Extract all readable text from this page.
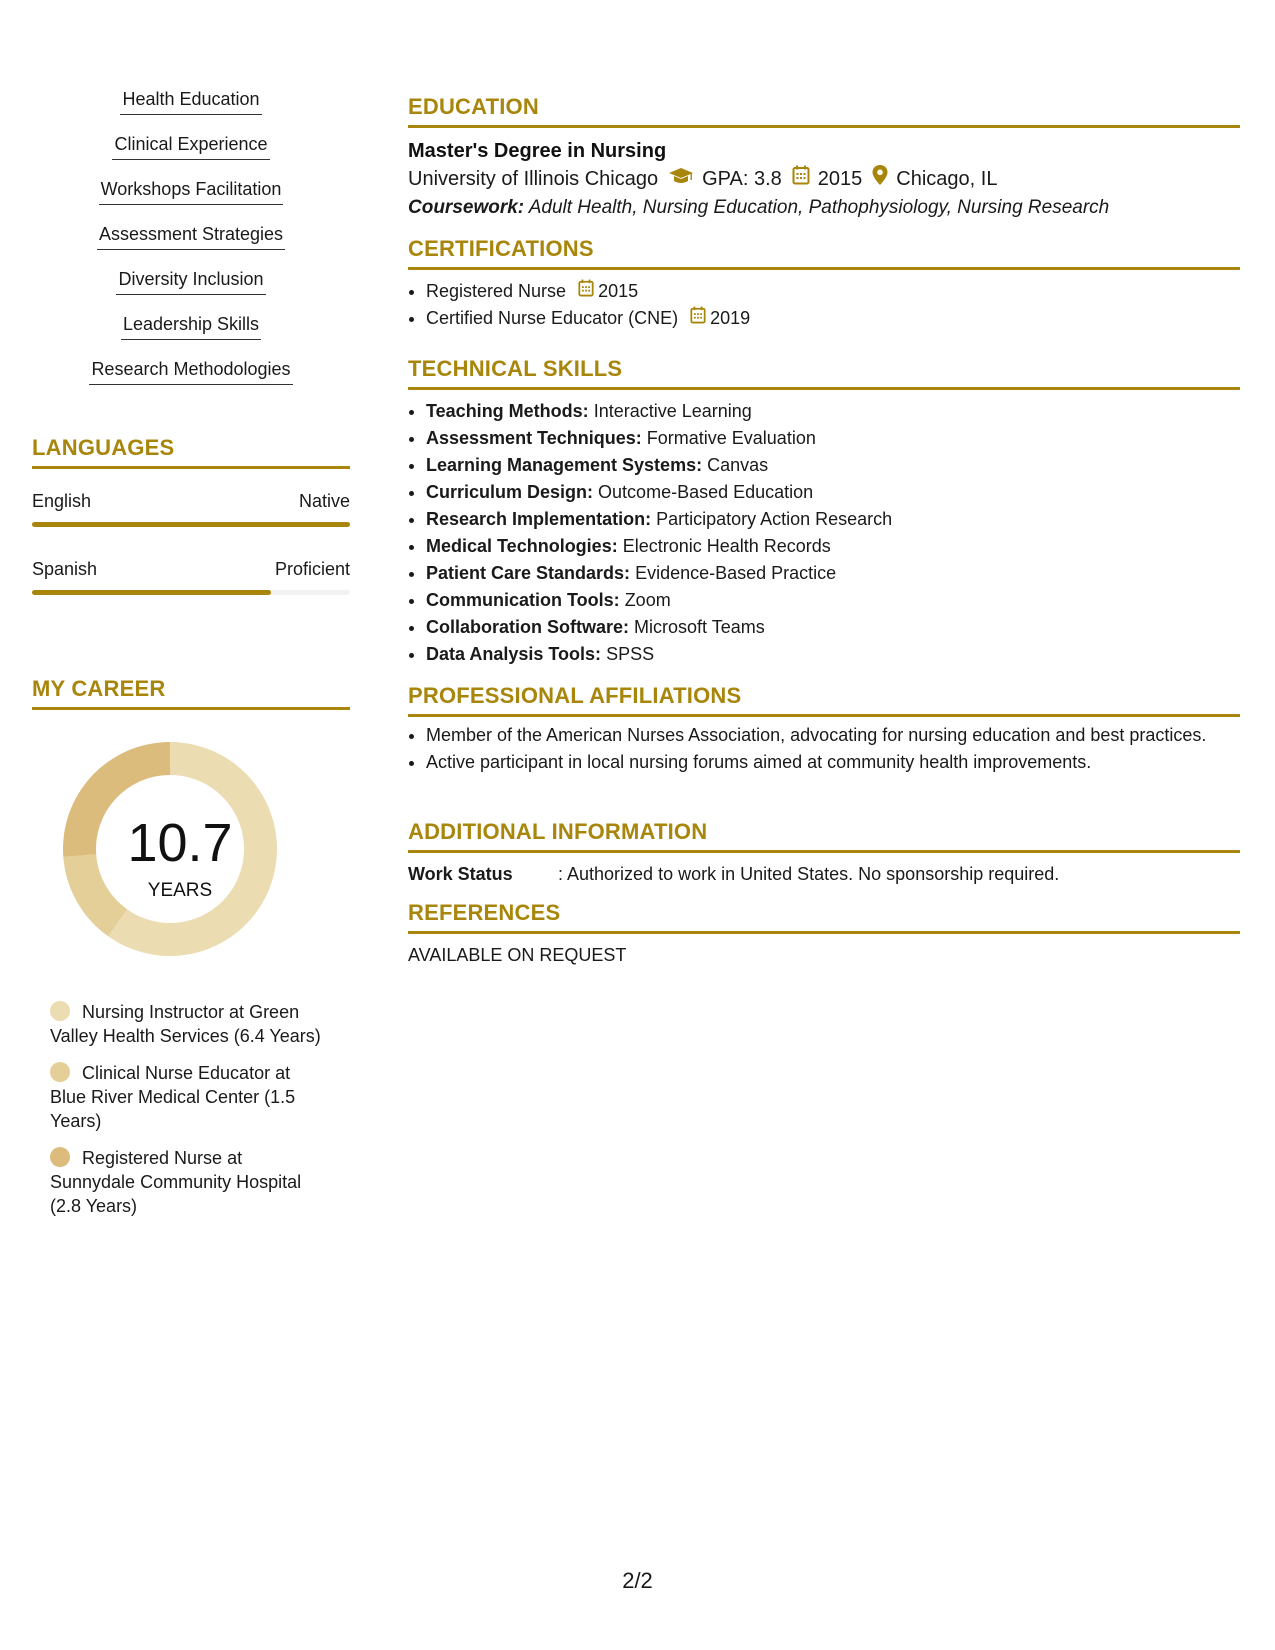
Health Education
Clinical Experience
Workshops Facilitation
Assessment Strategies
Diversity Inclusion
Leadership Skills
Research Methodologies
LANGUAGES
English	Native
Spanish	Proficient
MY CAREER
10.7
YEARS
Nursing Instructor at Green Valley Health Services (6.4 Years)
Clinical Nurse Educator at Blue River Medical Center (1.5 Years)
Registered Nurse at Sunnydale Community Hospital (2.8 Years)
EDUCATION
Master's Degree in Nursing
University of Illinois Chicago GPA: 3.8 2015 Chicago, IL
Coursework: Adult Health, Nursing Education, Pathophysiology, Nursing Research
CERTIFICATIONS
• Registered Nurse 2015
• Certified Nurse Educator (CNE) 2019
TECHNICAL SKILLS
• Teaching Methods: Interactive Learning
• Assessment Techniques: Formative Evaluation
• Learning Management Systems: Canvas
• Curriculum Design: Outcome-Based Education
• Research Implementation: Participatory Action Research
• Medical Technologies: Electronic Health Records
• Patient Care Standards: Evidence-Based Practice
• Communication Tools: Zoom
• Collaboration Software: Microsoft Teams
• Data Analysis Tools: SPSS
PROFESSIONAL AFFILIATIONS
• Member of the American Nurses Association, advocating for nursing education and best practices.
• Active participant in local nursing forums aimed at community health improvements.
ADDITIONAL INFORMATION
Work Status	: Authorized to work in United States. No sponsorship required.
REFERENCES
AVAILABLE ON REQUEST
2/2
